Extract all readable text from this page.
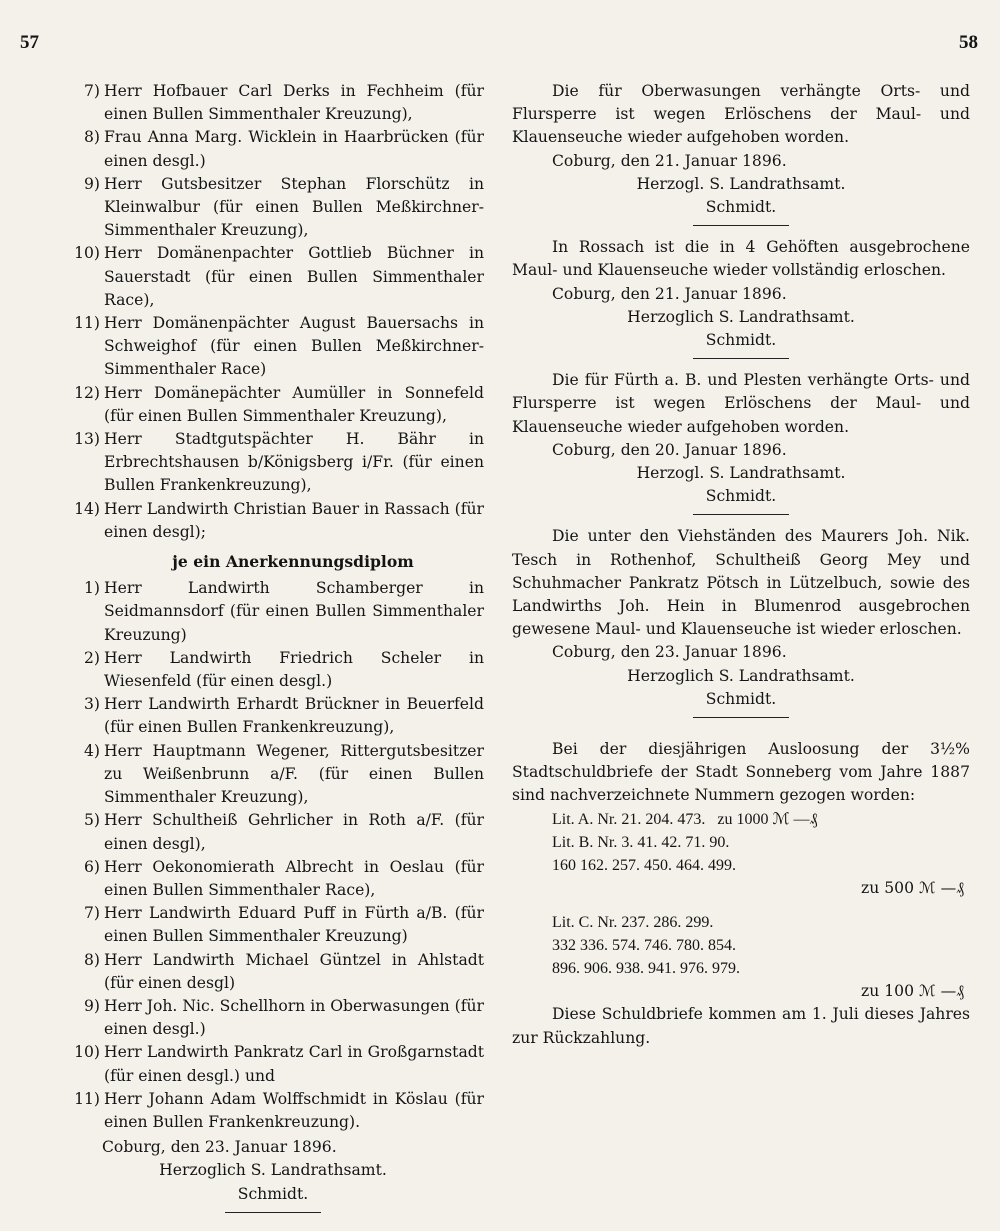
57	58
7) Herr Hofbauer Carl Derks in Fechheim (für einen Bullen Simmenthaler Kreuzung),
8) Frau Anna Marg. Wicklein in Haarbrücken (für einen desgl.)
9) Herr Gutsbesitzer Stephan Florschütz in Kleinwalbur (für einen Bullen Meßkirchner-Simmenthaler Kreuzung),
10) Herr Domänenpachter Gottlieb Büchner in Sauerstadt (für einen Bullen Simmenthaler Race),
11) Herr Domänenpächter August Bauersachs in Schweighof (für einen Bullen Meßkirchner-Simmenthaler Race)
12) Herr Domänepächter Aumüller in Sonnefeld (für einen Bullen Simmenthaler Kreuzung),
13) Herr Stadtgutspächter H. Bähr in Erbrechtshausen b/Königsberg i/Fr. (für einen Bullen Frankenkreuzung),
14) Herr Landwirth Christian Bauer in Rassach (für einen desgl);
je ein Anerkennungsdiplom
1) Herr Landwirth Schamberger in Seidmannsdorf (für einen Bullen Simmenthaler Kreuzung)
2) Herr Landwirth Friedrich Scheler in Wiesenfeld (für einen desgl.)
3) Herr Landwirth Erhardt Brückner in Beuerfeld (für einen Bullen Frankenkreuzung),
4) Herr Hauptmann Wegener, Rittergutsbesitzer zu Weißenbrunn a/F. (für einen Bullen Simmenthaler Kreuzung),
5) Herr Schultheiß Gehrlicher in Roth a/F. (für einen desgl),
6) Herr Oekonomierath Albrecht in Oeslau (für einen Bullen Simmenthaler Race),
7) Herr Landwirth Eduard Puff in Fürth a/B. (für einen Bullen Simmenthaler Kreuzung)
8) Herr Landwirth Michael Güntzel in Ahlstadt (für einen desgl)
9) Herr Joh. Nic. Schellhorn in Oberwasungen (für einen desgl.)
10) Herr Landwirth Pankratz Carl in Großgarnstadt (für einen desgl.) und
11) Herr Johann Adam Wolffschmidt in Köslau (für einen Bullen Frankenkreuzung).
Coburg, den 23. Januar 1896.
Herzoglich S. Landrathsamt.
Schmidt.
Die für Oberwasungen verhängte Orts- und Flursperre ist wegen Erlöschens der Maul- und Klauenseuche wieder aufgehoben worden.
Coburg, den 21. Januar 1896.
Herzogl. S. Landrathsamt.
Schmidt.
In Rossach ist die in 4 Gehöften ausgebrochene Maul- und Klauenseuche wieder vollständig erloschen.
Coburg, den 21. Januar 1896.
Herzoglich S. Landrathsamt.
Schmidt.
Die für Fürth a. B. und Plesten verhängte Orts- und Flursperre ist wegen Erlöschens der Maul- und Klauenseuche wieder aufgehoben worden.
Coburg, den 20. Januar 1896.
Herzogl. S. Landrathsamt.
Schmidt.
Die unter den Viehständen des Maurers Joh. Nik. Tesch in Rothenhof, Schultheiß Georg Mey und Schuhmacher Pankratz Pötsch in Lützelbuch, sowie des Landwirths Joh. Hein in Blumenrod ausgebrochen gewesene Maul- und Klauenseuche ist wieder erloschen.
Coburg, den 23. Januar 1896.
Herzoglich S. Landrathsamt.
Schmidt.
Bei der diesjährigen Ausloosung der 3½% Stadtschuldbriefe der Stadt Sonneberg vom Jahre 1887 sind nachverzeichnete Nummern gezogen worden:
Lit. A. Nr. 21. 204. 473. zu 1000 ℳ —₰
Lit. B. Nr. 3. 41. 42. 71. 90.
160 162. 257. 450. 464. 499.
zu 500 ℳ —₰
Lit. C. Nr. 237. 286. 299.
332 336. 574. 746. 780. 854.
896. 906. 938. 941. 976. 979.
zu 100 ℳ —₰
Diese Schuldbriefe kommen am 1. Juli dieses Jahres zur Rückzahlung.
